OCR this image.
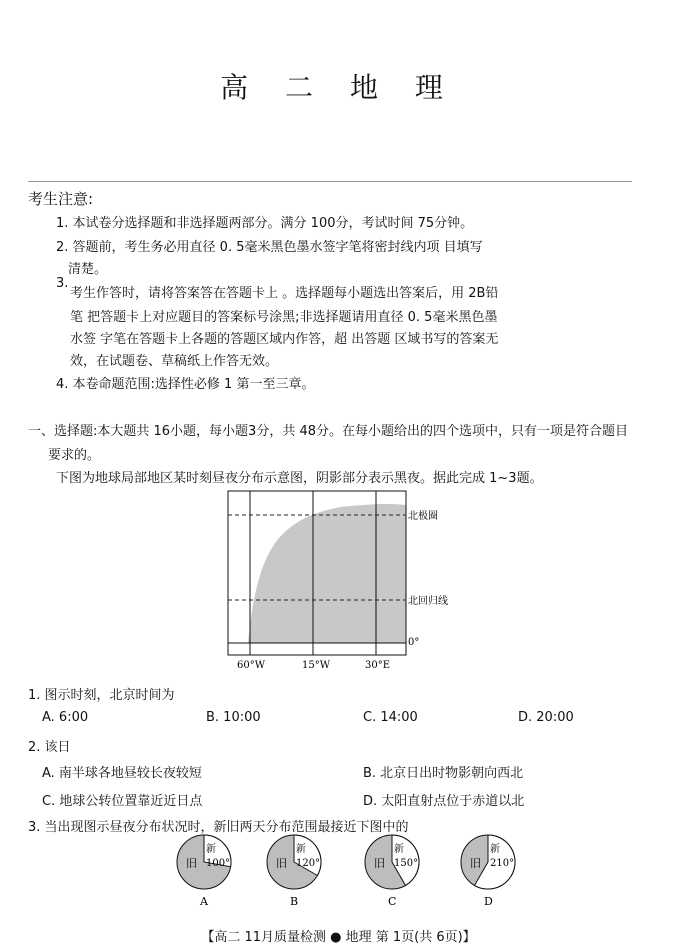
高 二 地 理
考生注意:
1. 本试卷分选择题和非选择题两部分。满分 100分，考试时间 75分钟。
2. 答题前，考生务必用直径 0. 5毫米黑色墨水签字笔将密封线内项 目填写
清楚。
3.
考生作答时，请将答案答在答题卡上 。选择题每小题选出答案后，用 2B铅
笔 把答题卡上对应题目的答案标号涂黑;非选择题请用直径 0. 5毫米黑色墨
水签 字笔在答题卡上各题的答题区域内作答，超 出答题 区域书写的答案无
效，在试题卷、草稿纸上作答无效。
4. 本卷命题范围:选择性必修 1 第一至三章。
一、选择题:本大题共 16小题，每小题3分，共 48分。在每小题给出的四个选项中，只有一项是符合题目
要求的。
下图为地球局部地区某时刻昼夜分布示意图，阴影部分表示黑夜。据此完成 1~3题。
北极圈
北回归线
0°
60°W	15°W	30°E
1. 图示时刻，北京时间为
A. 6:00	B. 10:00	C. 14:00	D. 20:00
2. 该日
A. 南半球各地昼较长夜较短	B. 北京日出时物影朝向西北
C. 地球公转位置靠近近日点	D. 太阳直射点位于赤道以北
3. 当出现图示昼夜分布状况时，新旧两天分布范围最接近下图中的
旧
新
100°
A
旧
新
120°
B
旧
新
150°
C
旧
新
210°
D
【高二 11月质量检测 ● 地理 第 1页(共 6页)】
